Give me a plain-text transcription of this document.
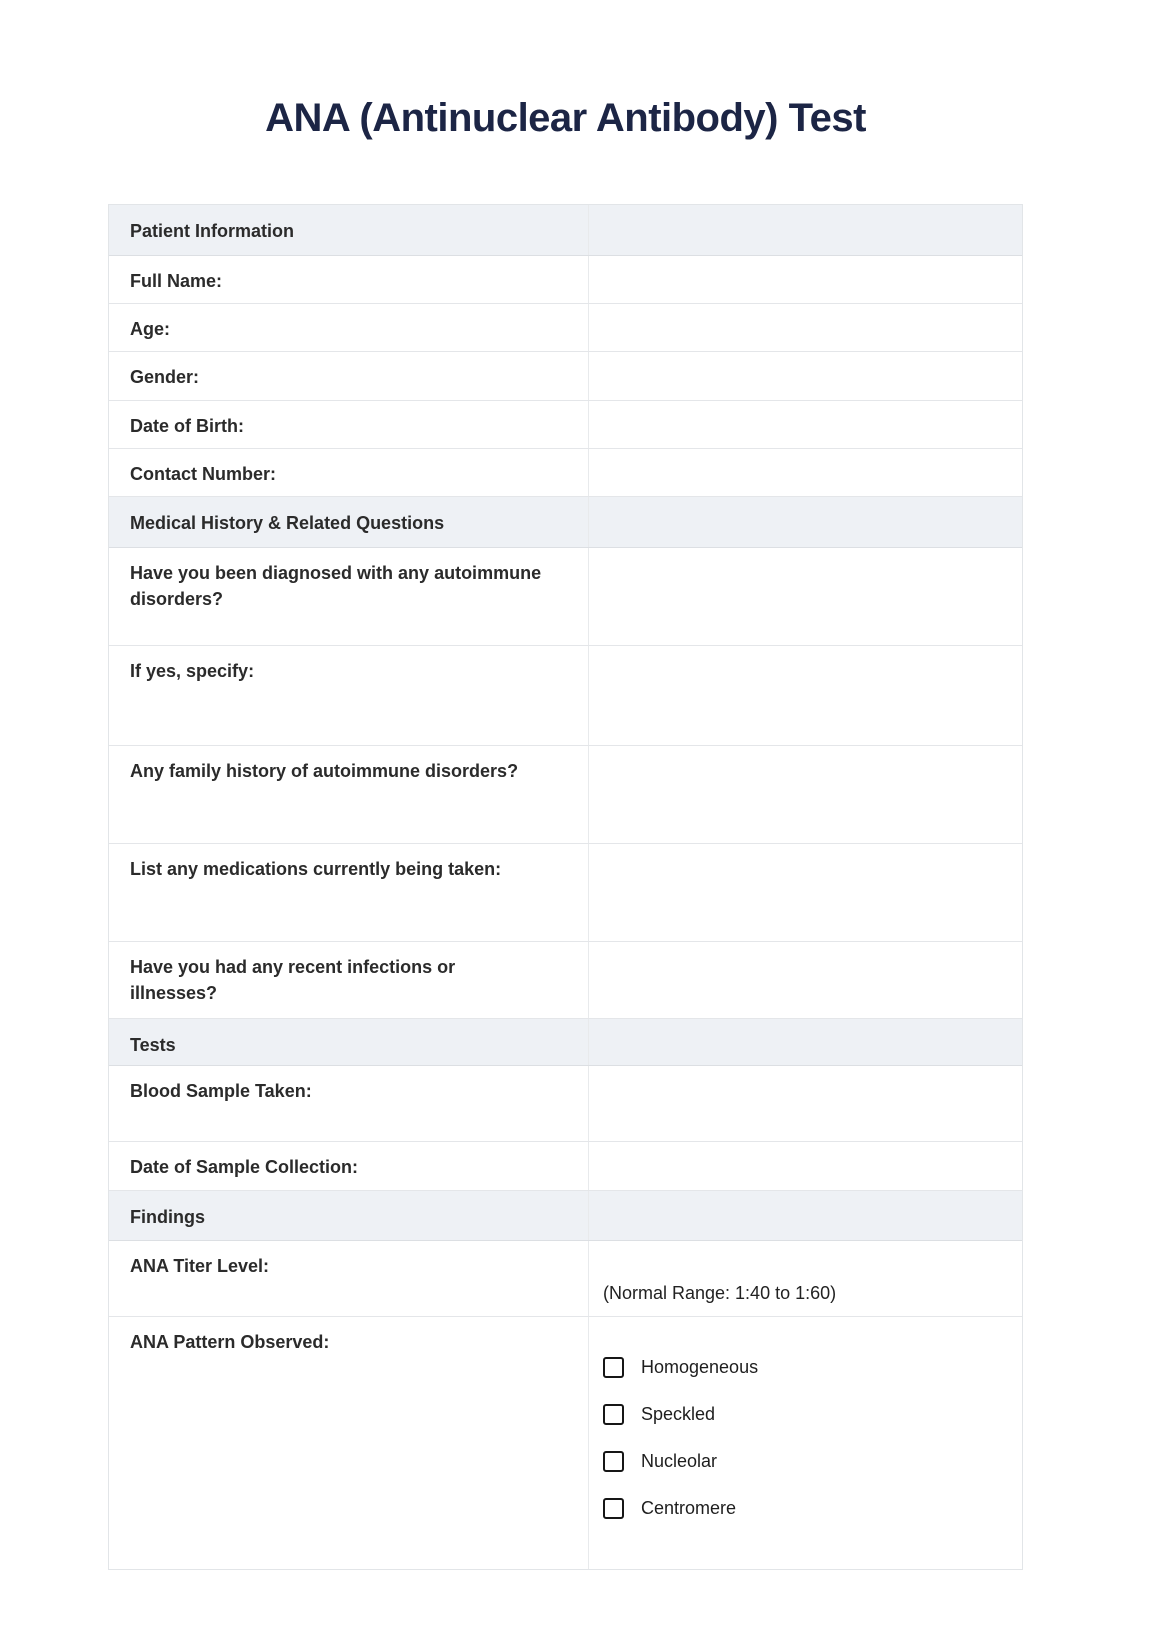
ANA (Antinuclear Antibody) Test
Patient Information
Full Name:
Age:
Gender:
Date of Birth:
Contact Number:
Medical History & Related Questions
Have you been diagnosed with any autoimmune disorders?
If yes, specify:
Any family history of autoimmune disorders?
List any medications currently being taken:
Have you had any recent infections or illnesses?
Tests
Blood Sample Taken:
Date of Sample Collection:
Findings
ANA Titer Level:
(Normal Range: 1:40 to 1:60)
ANA Pattern Observed:
Homogeneous
Speckled
Nucleolar
Centromere
